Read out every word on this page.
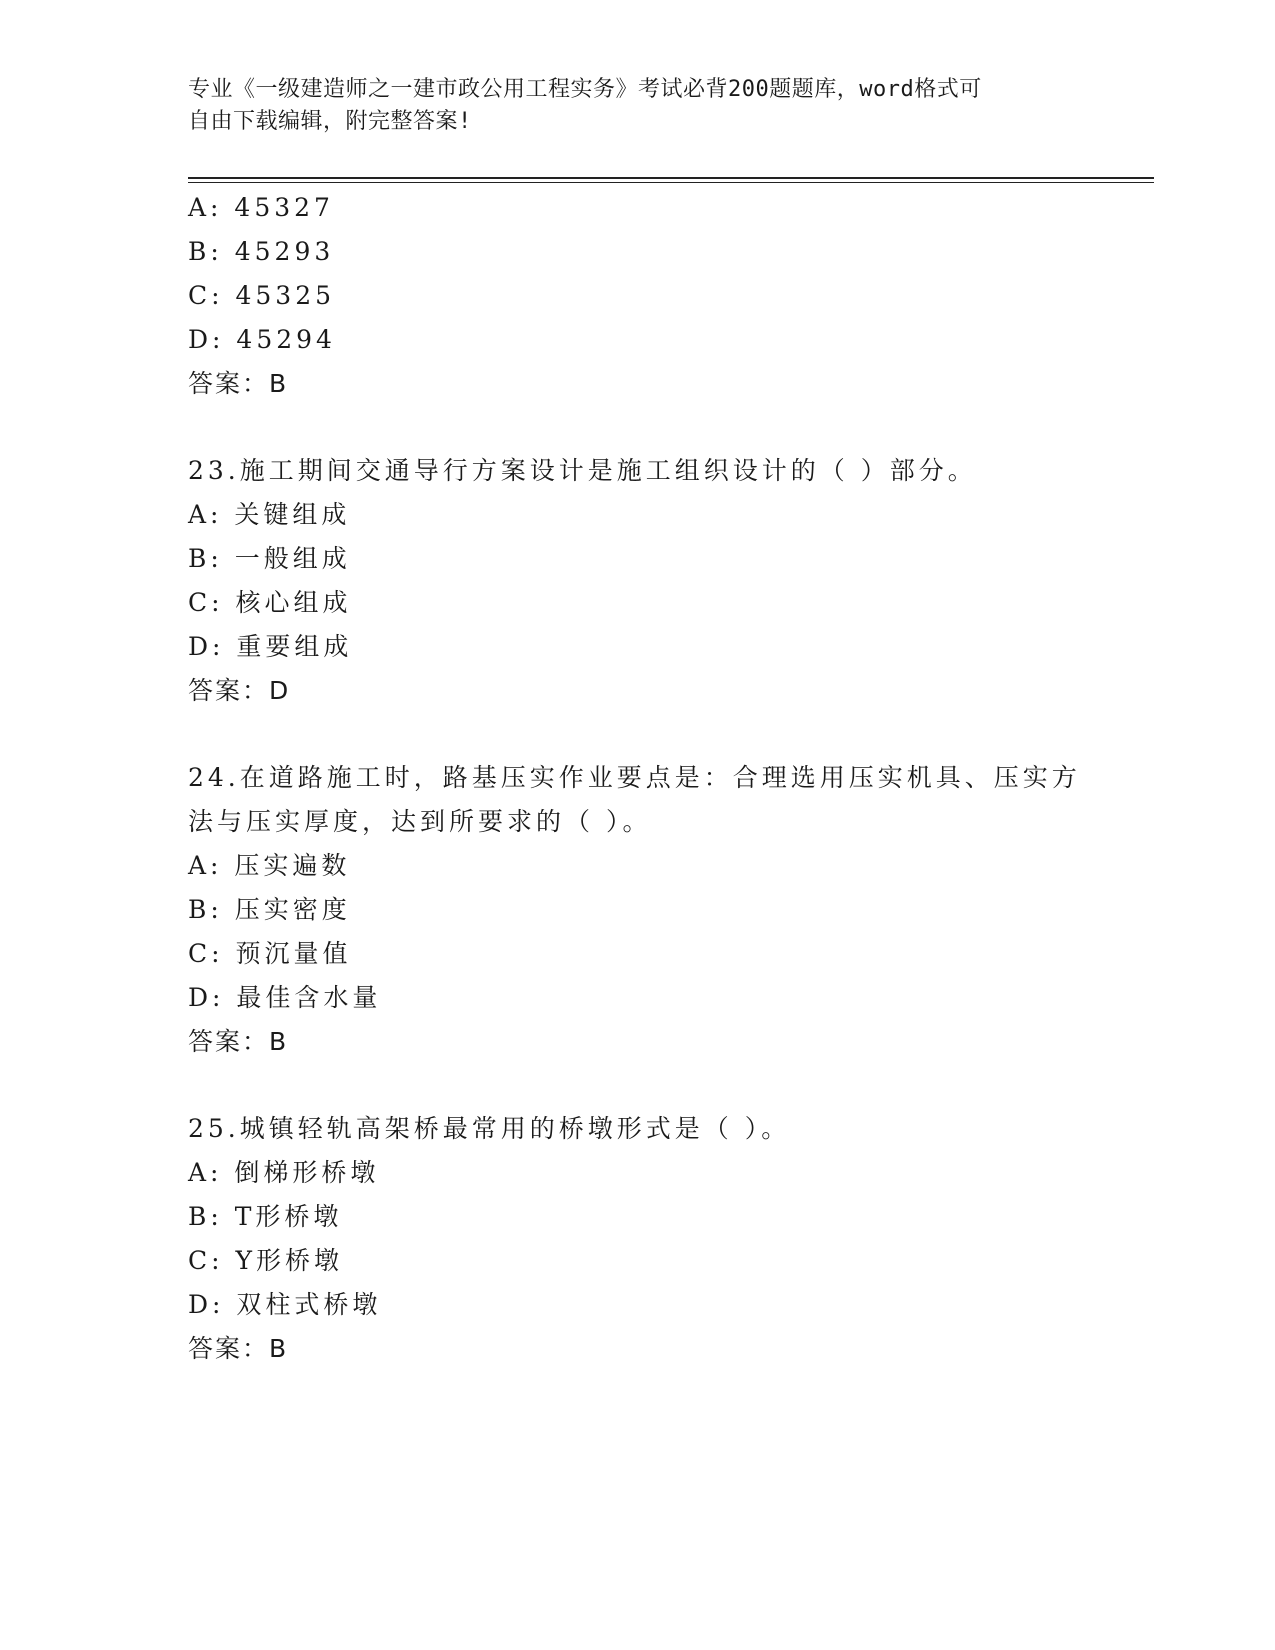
专业《一级建造师之一建市政公用工程实务》考试必背200题题库，word格式可
自由下载编辑，附完整答案!
A: 45327
B: 45293
C: 45325
D: 45294
答案：B
23.施工期间交通导行方案设计是施工组织设计的（ ）部分。
A: 关键组成
B: 一般组成
C: 核心组成
D: 重要组成
答案：D
24.在道路施工时，路基压实作业要点是：合理选用压实机具、压实方
法与压实厚度，达到所要求的（ ）。
A: 压实遍数
B: 压实密度
C: 预沉量值
D: 最佳含水量
答案：B
25.城镇轻轨高架桥最常用的桥墩形式是（ ）。
A: 倒梯形桥墩
B: T形桥墩
C: Y形桥墩
D: 双柱式桥墩
答案：B
